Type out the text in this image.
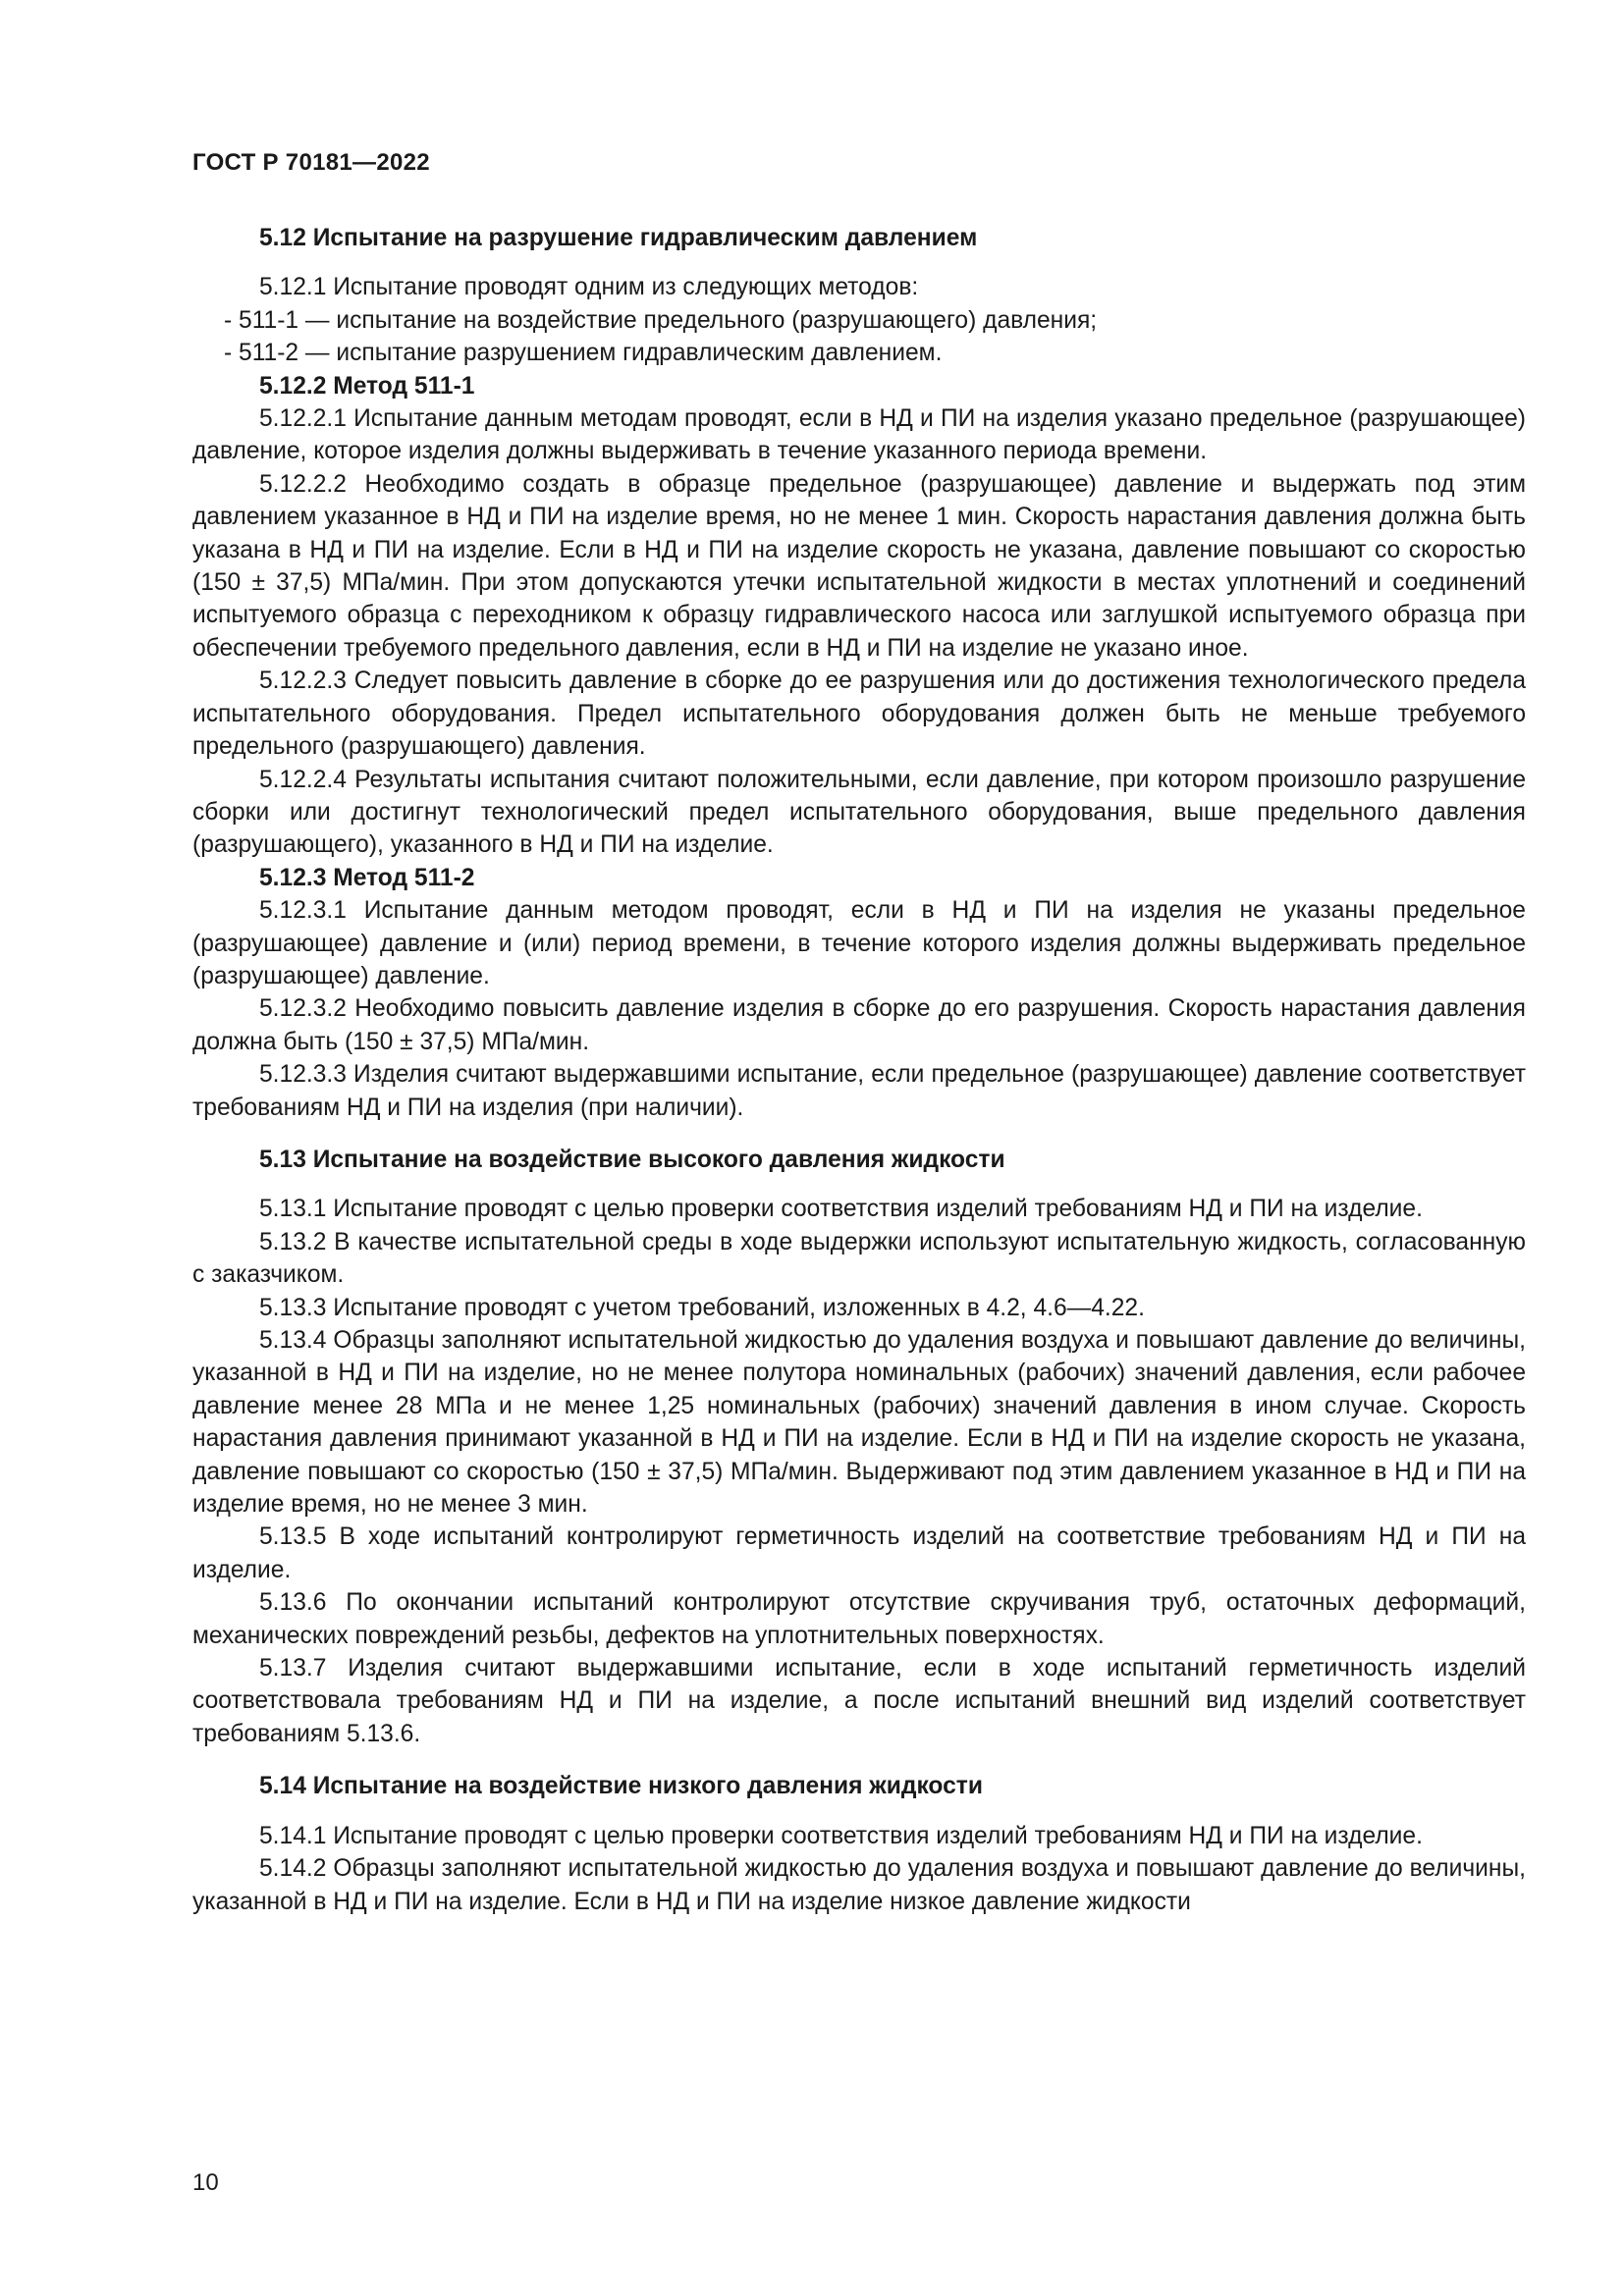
ГОСТ Р 70181—2022
5.12 Испытание на разрушение гидравлическим давлением
5.12.1 Испытание проводят одним из следующих методов:
- 511-1 — испытание на воздействие предельного (разрушающего) давления;
- 511-2 — испытание разрушением гидравлическим давлением.
5.12.2 Метод 511-1
5.12.2.1 Испытание данным методам проводят, если в НД и ПИ на изделия указано предельное (разрушающее) давление, которое изделия должны выдерживать в течение указанного периода времени.
5.12.2.2 Необходимо создать в образце предельное (разрушающее) давление и выдержать под этим давлением указанное в НД и ПИ на изделие время, но не менее 1 мин. Скорость нарастания давления должна быть указана в НД и ПИ на изделие. Если в НД и ПИ на изделие скорость не указана, давление повышают со скоростью (150 ± 37,5) МПа/мин. При этом допускаются утечки испытательной жидкости в местах уплотнений и соединений испытуемого образца с переходником к образцу гидравлического насоса или заглушкой испытуемого образца при обеспечении требуемого предельного давления, если в НД и ПИ на изделие не указано иное.
5.12.2.3 Следует повысить давление в сборке до ее разрушения или до достижения технологического предела испытательного оборудования. Предел испытательного оборудования должен быть не меньше требуемого предельного (разрушающего) давления.
5.12.2.4 Результаты испытания считают положительными, если давление, при котором произошло разрушение сборки или достигнут технологический предел испытательного оборудования, выше предельного давления (разрушающего), указанного в НД и ПИ на изделие.
5.12.3 Метод 511-2
5.12.3.1 Испытание данным методом проводят, если в НД и ПИ на изделия не указаны предельное (разрушающее) давление и (или) период времени, в течение которого изделия должны выдерживать предельное (разрушающее) давление.
5.12.3.2 Необходимо повысить давление изделия в сборке до его разрушения. Скорость нарастания давления должна быть (150 ± 37,5) МПа/мин.
5.12.3.3 Изделия считают выдержавшими испытание, если предельное (разрушающее) давление соответствует требованиям НД и ПИ на изделия (при наличии).
5.13 Испытание на воздействие высокого давления жидкости
5.13.1 Испытание проводят с целью проверки соответствия изделий требованиям НД и ПИ на изделие.
5.13.2 В качестве испытательной среды в ходе выдержки используют испытательную жидкость, согласованную с заказчиком.
5.13.3 Испытание проводят с учетом требований, изложенных в 4.2, 4.6—4.22.
5.13.4 Образцы заполняют испытательной жидкостью до удаления воздуха и повышают давление до величины, указанной в НД и ПИ на изделие, но не менее полутора номинальных (рабочих) значений давления, если рабочее давление менее 28 МПа и не менее 1,25 номинальных (рабочих) значений давления в ином случае. Скорость нарастания давления принимают указанной в НД и ПИ на изделие. Если в НД и ПИ на изделие скорость не указана, давление повышают со скоростью (150 ± 37,5) МПа/мин. Выдерживают под этим давлением указанное в НД и ПИ на изделие время, но не менее 3 мин.
5.13.5 В ходе испытаний контролируют герметичность изделий на соответствие требованиям НД и ПИ на изделие.
5.13.6 По окончании испытаний контролируют отсутствие скручивания труб, остаточных деформаций, механических повреждений резьбы, дефектов на уплотнительных поверхностях.
5.13.7 Изделия считают выдержавшими испытание, если в ходе испытаний герметичность изделий соответствовала требованиям НД и ПИ на изделие, а после испытаний внешний вид изделий соответствует требованиям 5.13.6.
5.14 Испытание на воздействие низкого давления жидкости
5.14.1 Испытание проводят с целью проверки соответствия изделий требованиям НД и ПИ на изделие.
5.14.2 Образцы заполняют испытательной жидкостью до удаления воздуха и повышают давление до величины, указанной в НД и ПИ на изделие. Если в НД и ПИ на изделие низкое давление жидкости
10
